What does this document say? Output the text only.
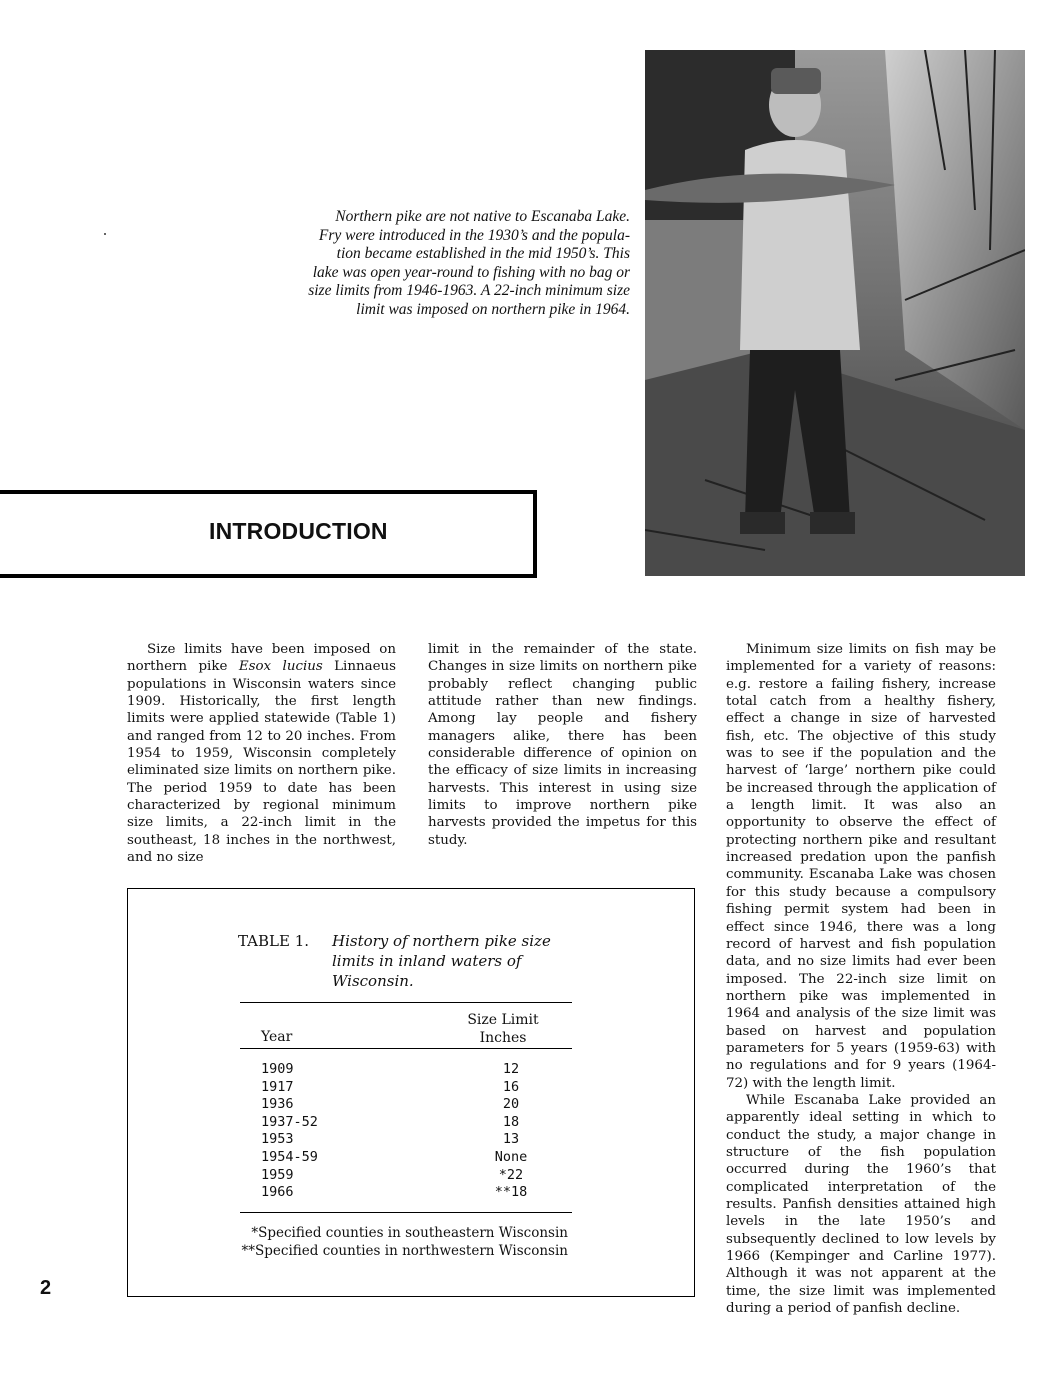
Northern pike are not native to Escanaba Lake.
Fry were introduced in the 1930’s and the popula-
tion became established in the mid 1950’s. This
lake was open year-round to fishing with no bag or
size limits from 1946-1963. A 22-inch minimum size
limit was imposed on northern pike in 1964.

INTRODUCTION

Size limits have been imposed on northern pike Esox lucius Linnaeus populations in Wisconsin waters since 1909. Historically, the first length limits were applied statewide (Table 1) and ranged from 12 to 20 inches. From 1954 to 1959, Wisconsin completely eliminated size limits on northern pike. The period 1959 to date has been characterized by regional minimum size limits, a 22-inch limit in the southeast, 18 inches in the northwest, and no size

limit in the remainder of the state. Changes in size limits on northern pike probably reflect changing public attitude rather than new findings. Among lay people and fishery managers alike, there has been considerable difference of opinion on the efficacy of size limits in increasing harvests. This interest in using size limits to improve northern pike harvests provided the impetus for this study.

Minimum size limits on fish may be implemented for a variety of reasons: e.g. restore a failing fishery, increase total catch from a healthy fishery, effect a change in size of harvested fish, etc. The objective of this study was to see if the population and the harvest of ‘large’ northern pike could be increased through the application of a length limit. It was also an opportunity to observe the effect of protecting northern pike and resultant increased predation upon the panfish community. Escanaba Lake was chosen for this study because a compulsory fishing permit system had been in effect since 1946, there was a long record of harvest and fish population data, and no size limits had ever been imposed. The 22-inch size limit on northern pike was implemented in 1964 and analysis of the size limit was based on harvest and population parameters for 5 years (1959-63) with no regulations and for 9 years (1964-72) with the length limit.

While Escanaba Lake provided an apparently ideal setting in which to conduct the study, a major change in structure of the fish population occurred during the 1960’s that complicated interpretation of the results. Panfish densities attained high levels in the late 1950’s and subsequently declined to low levels by 1966 (Kempinger and Carline 1977). Although it was not apparent at the time, the size limit was implemented during a period of panfish decline.

TABLE 1. History of northern pike size
limits in inland waters of
Wisconsin.
Year
Size Limit
Inches
1909	12
1917	16
1936	20
1937-52	18
1953	13
1954-59	None
1959	*22
1966	**18
*Specified counties in southeastern Wisconsin
**Specified counties in northwestern Wisconsin
2
